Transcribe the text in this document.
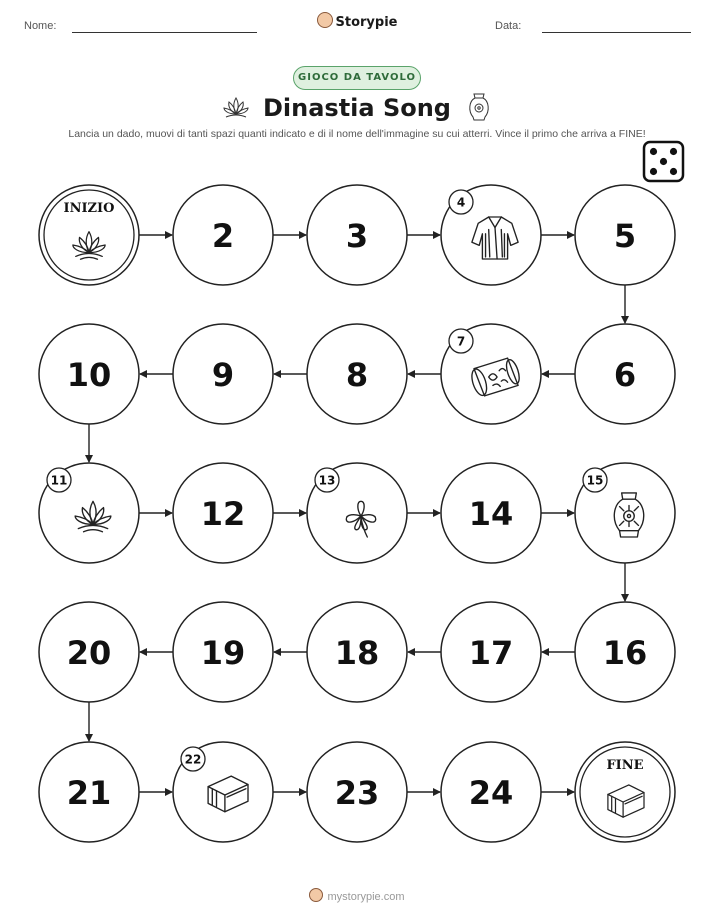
Nome:	Storypie	Data:
GIOCO DA TAVOLO
Dinastia Song
Lancia un dado, muovi di tanti spazi quanti indicato e di il nome dell'immagine su cui atterri. Vince il primo che arriva a FINE!
INIZIO
2	3
4
5
6
7
8
9
10
11
12
13
14
15
16
17
18
19
20
21
22
23	24
FINE
mystorypie.com
